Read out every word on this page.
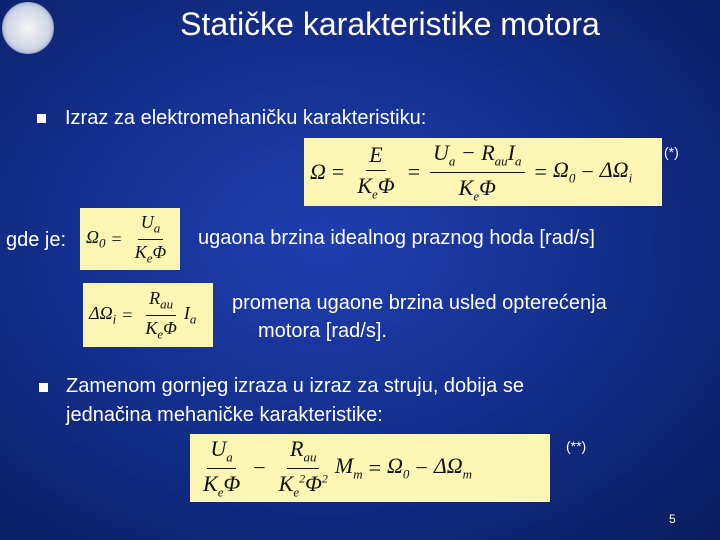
Statičke karakteristike motora
Izraz za elektromehaničku karakteristiku:
$\Omega = \frac{E}{K_e\Phi} = \frac{U_a - R_{au}I_a}{K_e\Phi} = \Omega_0 - \Delta\Omega_i$
(*)
gde je: $\Omega_0 = \frac{U_a}{K_e\Phi}$ ugaona brzina idealnog praznog hoda [rad/s]
$\Delta\Omega_i = \frac{R_{au}}{K_e\Phi} I_a$
promena ugaone brzina usled opterećenja
motora [rad/s].
Zamenom gornjeg izraza u izraz za struju, dobija se
jednačina mehaničke karakteristike:
$\frac{U_a}{K_e\Phi} - \frac{R_{au}}{K_e^2\Phi^2} M_m = \Omega_0 - \Delta\Omega_m$
(**)
5
